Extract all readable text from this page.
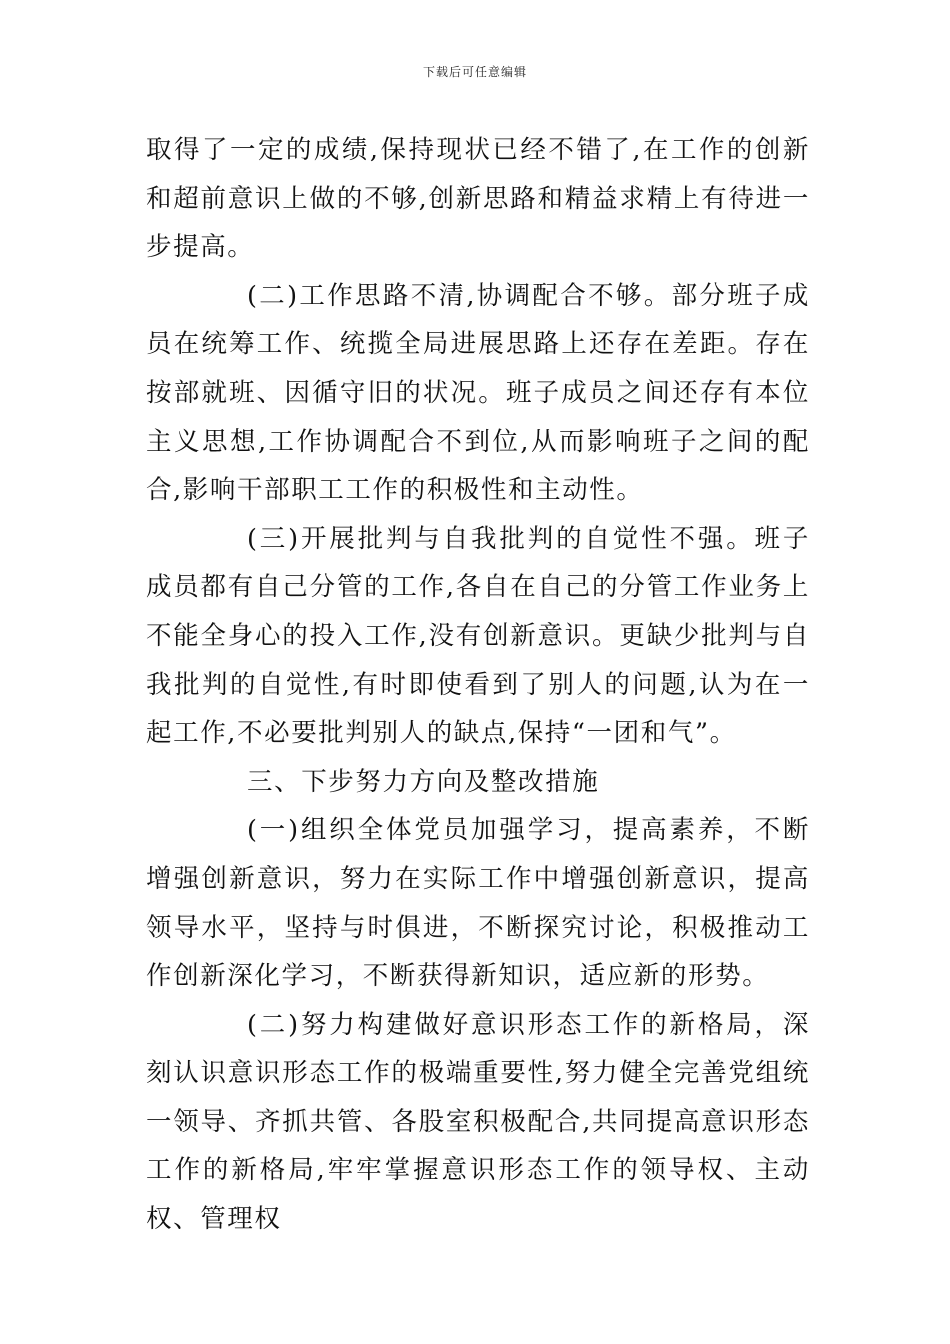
下载后可任意编辑

取得了一定的成绩,保持现状已经不错了,在工作的创新和超前意识上做的不够,创新思路和精益求精上有待进一步提高。

(二)工作思路不清,协调配合不够。部分班子成员在统筹工作、统揽全局进展思路上还存在差距。存在按部就班、因循守旧的状况。班子成员之间还存有本位主义思想,工作协调配合不到位,从而影响班子之间的配合,影响干部职工工作的积极性和主动性。

(三)开展批判与自我批判的自觉性不强。班子成员都有自己分管的工作,各自在自己的分管工作业务上不能全身心的投入工作,没有创新意识。更缺少批判与自我批判的自觉性,有时即使看到了别人的问题,认为在一起工作,不必要批判别人的缺点,保持“一团和气”。

三、下步努力方向及整改措施

(一)组织全体党员加强学习，提高素养，不断增强创新意识，努力在实际工作中增强创新意识，提高领导水平，坚持与时俱进，不断探究讨论，积极推动工作创新深化学习，不断获得新知识，适应新的形势。

(二)努力构建做好意识形态工作的新格局，深刻认识意识形态工作的极端重要性,努力健全完善党组统一领导、齐抓共管、各股室积极配合,共同提高意识形态工作的新格局,牢牢掌握意识形态工作的领导权、主动权、管理权
